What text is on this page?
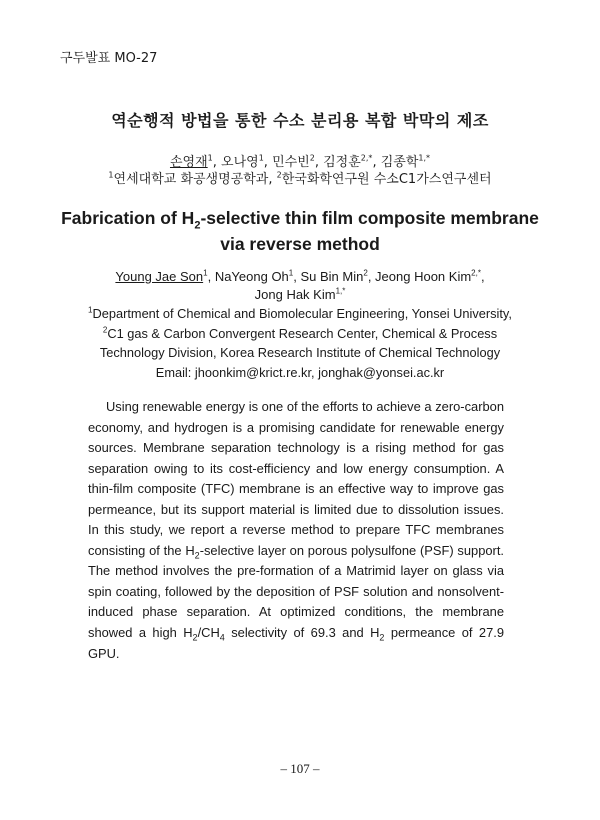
구두발표 MO-27
역순행적 방법을 통한 수소 분리용 복합 박막의 제조
손영재$^1$, 오나영$^1$, 민수빈$^2$, 김정훈$^{2,*}$, 김종학$^{1,*}$
$^1$연세대학교 화공생명공학과, $^2$한국화학연구원 수소C1가스연구센터
Fabrication of $H_2$-selective thin film composite membrane
via reverse method
Young Jae Son$^1$, NaYeong Oh$^1$, Su Bin Min$^2$, Jeong Hoon Kim$^{2,*}$,
Jong Hak Kim$^{1,*}$
$^1$Department of Chemical and Biomolecular Engineering, Yonsei University,
$^2$C1 gas & Carbon Convergent Research Center, Chemical & Process
Technology Division, Korea Research Institute of Chemical Technology
Email: jhoonkim@krict.re.kr, jonghak@yonsei.ac.kr

Using renewable energy is one of the efforts to achieve a zero-carbon economy, and hydrogen is a promising candidate for renewable energy sources. Membrane separation technology is a rising method for gas separation owing to its cost-efficiency and low energy consumption. A thin-film composite (TFC) membrane is an effective way to improve gas permeance, but its support material is limited due to dissolution issues. In this study, we report a reverse method to prepare TFC membranes consisting of the $H_2$-selective layer on porous polysulfone (PSF) support. The method involves the pre-formation of a Matrimid layer on glass via spin coating, followed by the deposition of PSF solution and nonsolvent-induced phase separation. At optimized conditions, the membrane showed a high $H_2/CH_4$ selectivity of 69.3 and $H_2$ permeance of 27.9 GPU.

– 107 –
